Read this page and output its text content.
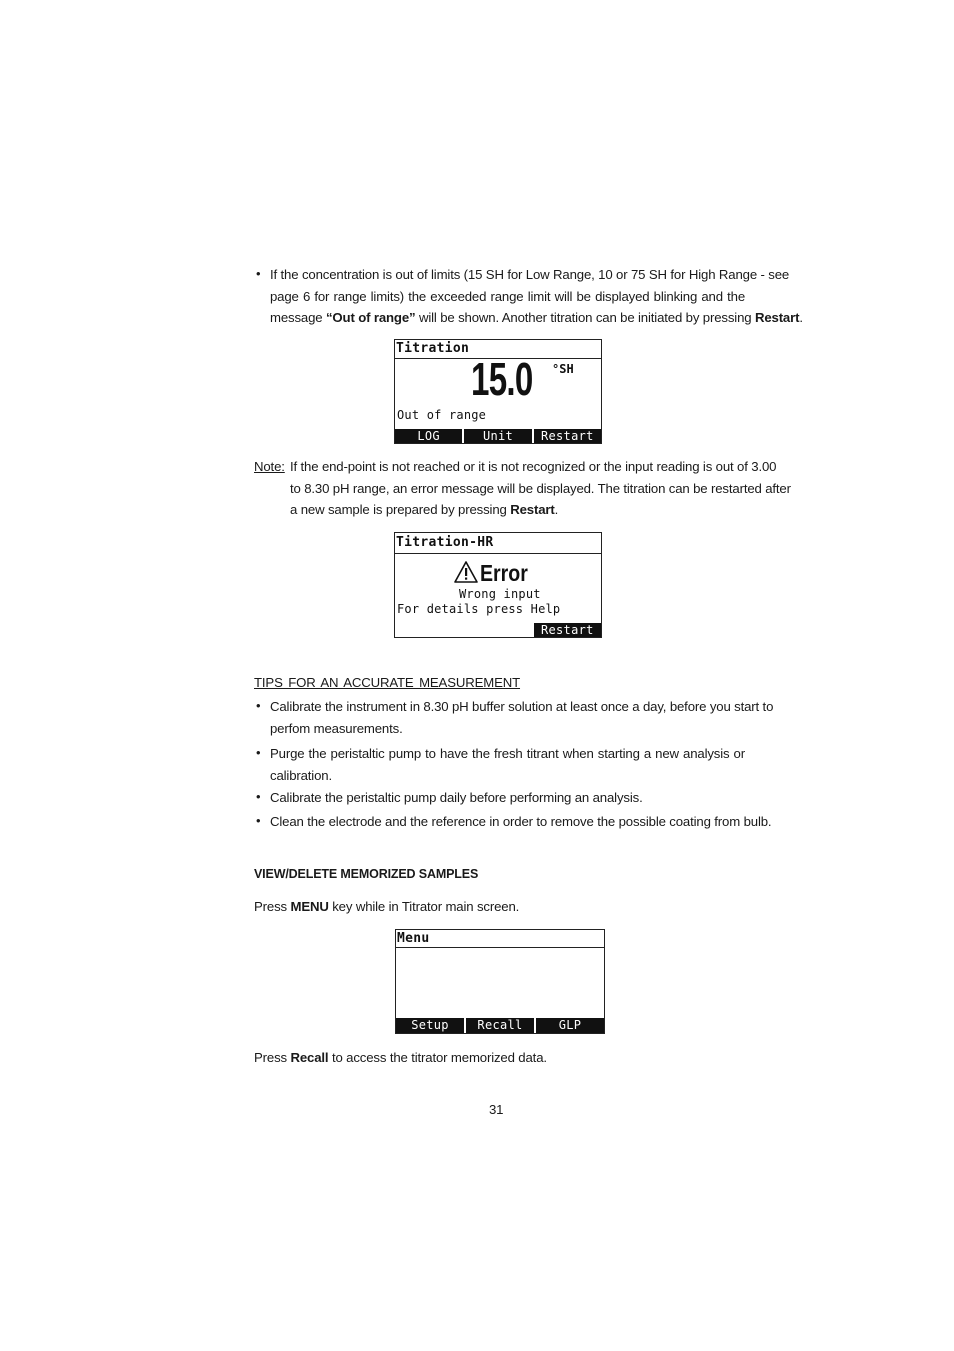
• If the concentration is out of limits (15 SH for Low Range, 10 or 75 SH for High Range - see
page 6 for range limits) the exceeded range limit will be displayed blinking and the
message “Out of range” will be shown. Another titration can be initiated by pressing Restart.
Titration
15.0 °SH
Out of range
LOG	Unit	Restart
Note: If the end-point is not reached or it is not recognized or the input reading is out of 3.00
to 8.30 pH range, an error message will be displayed. The titration can be restarted after
a new sample is prepared by pressing Restart.
Titration-HR
Error
Wrong input
For details press Help
Restart
TIPS FOR AN ACCURATE MEASUREMENT
• Calibrate the instrument in 8.30 pH buffer solution at least once a day, before you start to
perfom measurements.
• Purge the peristaltic pump to have the fresh titrant when starting a new analysis or
calibration.
• Calibrate the peristaltic pump daily before performing an analysis.
• Clean the electrode and the reference in order to remove the possible coating from bulb.
VIEW/DELETE MEMORIZED SAMPLES
Press MENU key while in Titrator main screen.
Menu
Setup	Recall	GLP
Press Recall to access the titrator memorized data.
31
